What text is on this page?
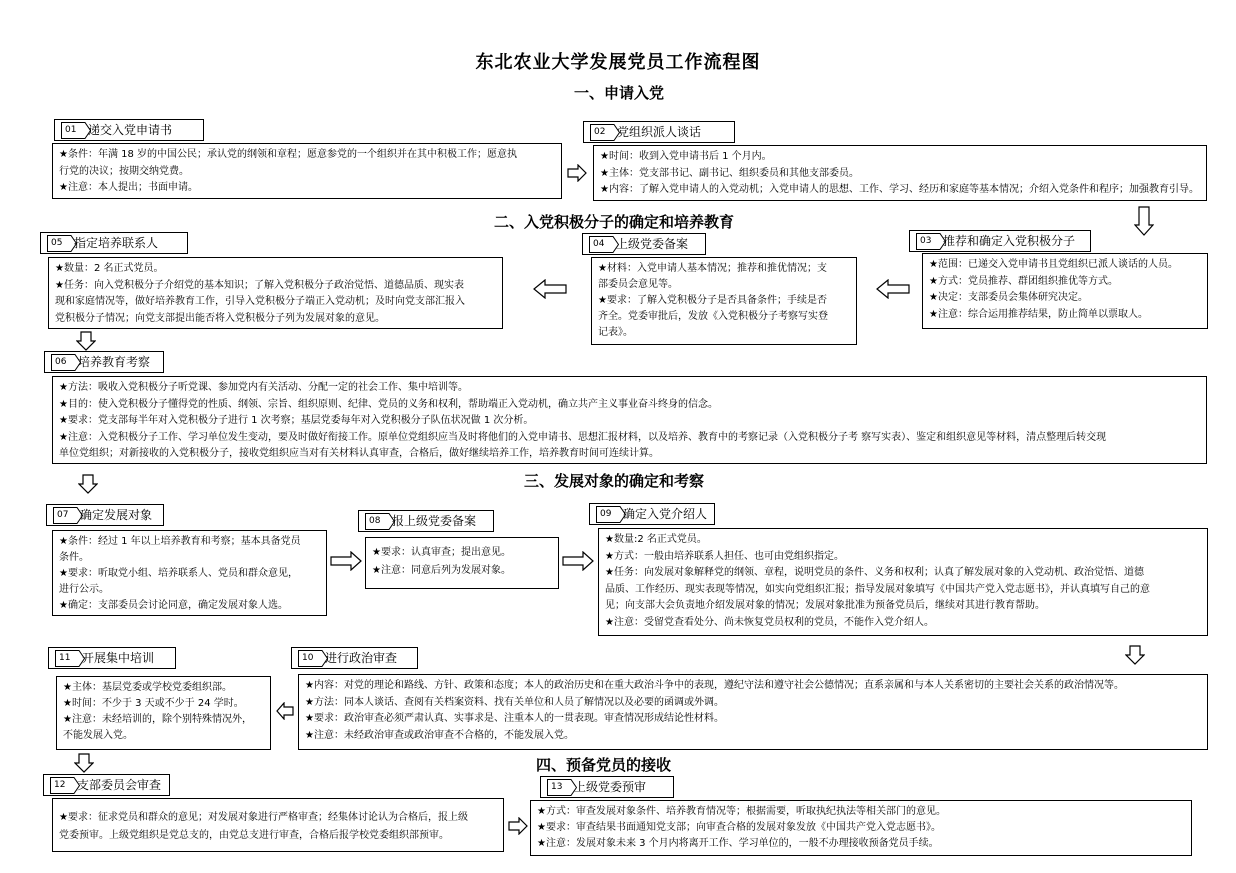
东北农业大学发展党员工作流程图
一、申请入党
二、入党积极分子的确定和培养教育
三、发展对象的确定和考察
四、预备党员的接收
★条件：年满 18 岁的中国公民；承认党的纲领和章程；愿意参党的一个组织并在其中积极工作；愿意执
行党的决议；按期交纳党费。
★注意：本人提出；书面申请。
★时间：收到入党申请书后 1 个月内。
★主体：党支部书记、副书记、组织委员和其他支部委员。
★内容：了解入党申请人的入党动机；入党申请人的思想、工作、学习、经历和家庭等基本情况；介绍入党条件和程序；加强教育引导。
★范围：已递交入党申请书且党组织已派人谈话的人员。
★方式：党员推荐、群团组织推优等方式。
★决定：支部委员会集体研究决定。
★注意：综合运用推荐结果，防止简单以票取人。
★材料：入党申请人基本情况；推荐和推优情况；支
部委员会意见等。
★要求：了解入党积极分子是否具备条件；手续是否
齐全。党委审批后，发放《入党积极分子考察写实登
记表》。
★数量：2 名正式党员。
★任务：向入党积极分子介绍党的基本知识；了解入党积极分子政治觉悟、道德品质、现实表
现和家庭情况等，做好培养教育工作，引导入党积极分子端正入党动机；及时向党支部汇报入
党积极分子情况；向党支部提出能否将入党积极分子列为发展对象的意见。
★方法：吸收入党积极分子听党课、参加党内有关活动、分配一定的社会工作、集中培训等。
★目的：使入党积极分子懂得党的性质、纲领、宗旨、组织原则、纪律、党员的义务和权利，帮助端正入党动机，确立共产主义事业奋斗终身的信念。
★要求：党支部每半年对入党积极分子进行 1 次考察；基层党委每年对入党积极分子队伍状况做 1 次分析。
★注意：入党积极分子工作、学习单位发生变动，要及时做好衔接工作。原单位党组织应当及时将他们的入党申请书、思想汇报材料，以及培养、教育中的考察记录（入党积极分子考 察写实表）、鉴定和组织意见等材料，清点整理后转交现
单位党组织；对新接收的入党积极分子，接收党组织应当对有关材料认真审查，合格后，做好继续培养工作，培养教育时间可连续计算。
★条件：经过 1 年以上培养教育和考察；基本具备党员
条件。
★要求：听取党小组、培养联系人、党员和群众意见，
进行公示。
★确定：支部委员会讨论同意，确定发展对象人选。
★要求：认真审查；提出意见。
★注意：同意后列为发展对象。
★数量:2 名正式党员。
★方式：一般由培养联系人担任、也可由党组织指定。
★任务：向发展对象解释党的纲领、章程，说明党员的条件、义务和权利；认真了解发展对象的入党动机、政治觉悟、道德
品质、工作经历、现实表现等情况，如实向党组织汇报；指导发展对象填写《中国共产党入党志愿书》，并认真填写自己的意
见；向支部大会负责地介绍发展对象的情况；发展对象批准为预备党员后，继续对其进行教育帮助。
★注意：受留党查看处分、尚未恢复党员权利的党员，不能作入党介绍人。
★内容：对党的理论和路线、方针、政策和态度；本人的政治历史和在重大政治斗争中的表现，遵纪守法和遵守社会公德情况；直系亲属和与本人关系密切的主要社会关系的政治情况等。
★方法：同本人谈话、查阅有关档案资料、找有关单位和人员了解情况以及必要的函调或外调。
★要求：政治审查必须严肃认真、实事求是、注重本人的一贯表现。审查情况形成结论性材料。
★注意：未经政治审查或政治审查不合格的，不能发展入党。
★主体：基层党委或学校党委组织部。
★时间：不少于 3 天或不少于 24 学时。
★注意：未经培训的，除个别特殊情况外，
不能发展入党。
★要求：征求党员和群众的意见；对发展对象进行严格审查；经集体讨论认为合格后，报上级
党委预审。上级党组织是党总支的，由党总支进行审查，合格后报学校党委组织部预审。
★方式：审查发展对象条件、培养教育情况等；根据需要，听取执纪执法等相关部门的意见。
★要求：审查结果书面通知党支部；向审查合格的发展对象发放《中国共产党入党志愿书》。
★注意：发展对象未来 3 个月内将离开工作、学习单位的，一般不办理接收预备党员手续。
01 递交入党申请书	02 党组织派人谈话
03 推荐和确定入党积极分子
04 上级党委备案
05 指定培养联系人
06 培养教育考察
07 确定发展对象	08 报上级党委备案	09 确定入党介绍人
10 进行政治审查
11 开展集中培训
12 支部委员会审查	13 上级党委预审
